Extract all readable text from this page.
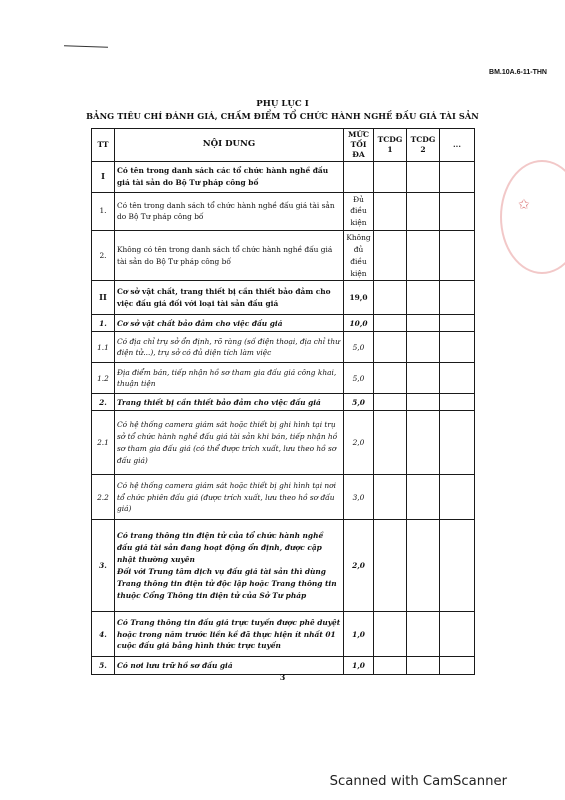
BM.10A.6-11-THN
PHỤ LỤC I
BẢNG TIÊU CHÍ ĐÁNH GIÁ, CHẤM ĐIỂM TỔ CHỨC HÀNH NGHỀ ĐẤU GIÁ TÀI SẢN
✩
TT	NỘI DUNG	MỨC TỐI ĐA	TCDG 1	TCDG 2	...
I	Có tên trong danh sách các tổ chức hành nghề đấu giá tài sản do Bộ Tư pháp công bố				
1.	Có tên trong danh sách tổ chức hành nghề đấu giá tài sản do Bộ Tư pháp công bố	Đủ điều kiện			
2.	Không có tên trong danh sách tổ chức hành nghề đấu giá tài sản do Bộ Tư pháp công bố	Không đủ điều kiện			
II	Cơ sở vật chất, trang thiết bị cần thiết bảo đảm cho việc đấu giá đối với loại tài sản đấu giá	19,0			
1.	Cơ sở vật chất bảo đảm cho việc đấu giá	10,0			
1.1	Có địa chỉ trụ sở ổn định, rõ ràng (số điện thoại, địa chỉ thư điện tử...), trụ sở có đủ diện tích làm việc	5,0			
1.2	Địa điểm bán, tiếp nhận hồ sơ tham gia đấu giá công khai, thuận tiện	5,0			
2.	Trang thiết bị cần thiết bảo đảm cho việc đấu giá	5,0			
2.1	Có hệ thống camera giám sát hoặc thiết bị ghi hình tại trụ sở tổ chức hành nghề đấu giá tài sản khi bán, tiếp nhận hồ sơ tham gia đấu giá (có thể được trích xuất, lưu theo hồ sơ đấu giá)	2,0			
2.2	Có hệ thống camera giám sát hoặc thiết bị ghi hình tại nơi tổ chức phiên đấu giá (được trích xuất, lưu theo hồ sơ đấu giá)	3,0			
3.	Có trang thông tin điện tử của tổ chức hành nghề đấu giá tài sản đang hoạt động ổn định, được cập nhật thường xuyên
Đối với Trung tâm dịch vụ đấu giá tài sản thì dùng Trang thông tin điện tử độc lập hoặc Trang thông tin thuộc Cổng Thông tin điện tử của Sở Tư pháp	2,0			
4.	Có Trang thông tin đấu giá trực tuyến được phê duyệt hoặc trong năm trước liền kề đã thực hiện ít nhất 01 cuộc đấu giá bằng hình thức trực tuyến	1,0			
5.	Có nơi lưu trữ hồ sơ đấu giá	1,0			
3
Scanned with CamScanner
